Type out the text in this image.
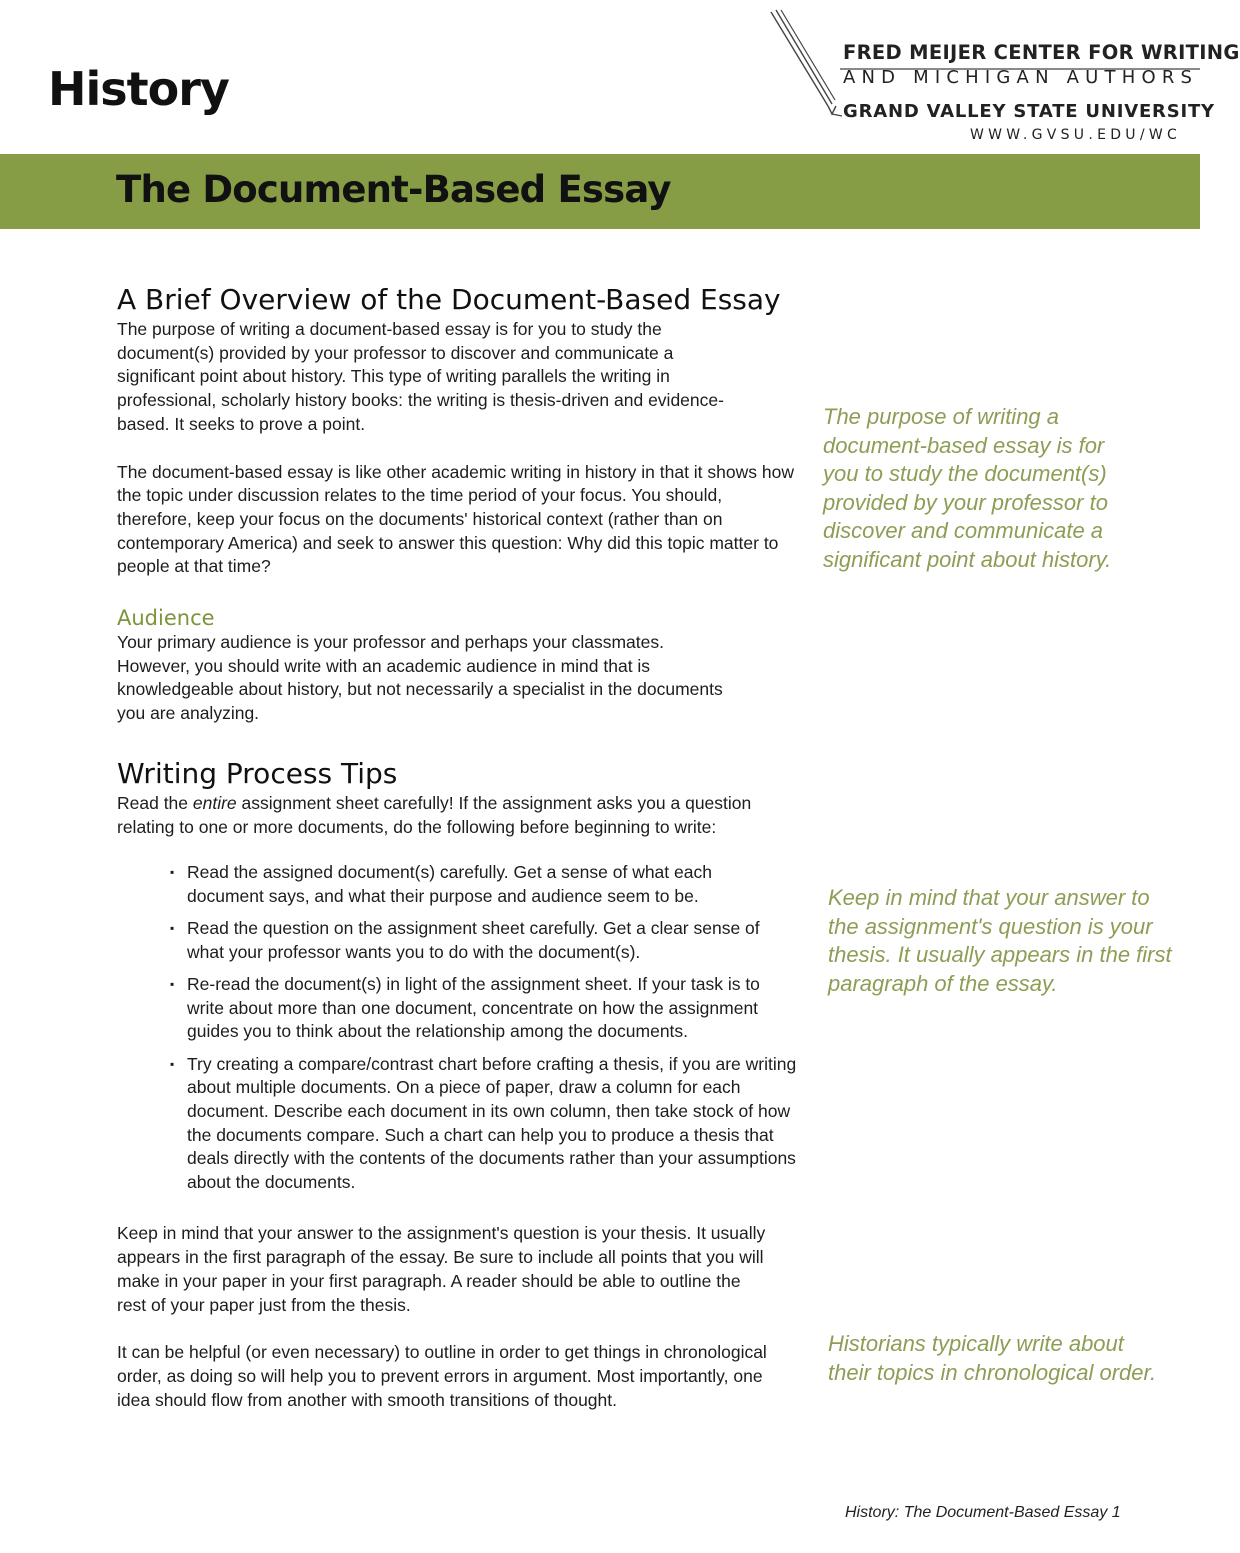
History
FRED MEIJER CENTER FOR WRITING
AND MICHIGAN AUTHORS
GRAND VALLEY STATE UNIVERSITY
WWW.GVSU.EDU/WC
The Document-Based Essay
A Brief Overview of the Document-Based Essay

The purpose of writing a document-based essay is for you to study the document(s) provided by your professor to discover and communicate a significant point about history. This type of writing parallels the writing in professional, scholarly history books: the writing is thesis-driven and evidence-based. It seeks to prove a point.

The document-based essay is like other academic writing in history in that it shows how the topic under discussion relates to the time period of your focus. You should, therefore, keep your focus on the documents' historical context (rather than on contemporary America) and seek to answer this question: Why did this topic matter to people at that time?

Audience

Your primary audience is your professor and perhaps your classmates. However, you should write with an academic audience in mind that is knowledgeable about history, but not necessarily a specialist in the documents you are analyzing.

Writing Process Tips

Read the entire assignment sheet carefully! If the assignment asks you a question relating to one or more documents, do the following before beginning to write:

▪ Read the assigned document(s) carefully. Get a sense of what each document says, and what their purpose and audience seem to be.
▪ Read the question on the assignment sheet carefully. Get a clear sense of what your professor wants you to do with the document(s).
▪ Re-read the document(s) in light of the assignment sheet. If your task is to write about more than one document, concentrate on how the assignment guides you to think about the relationship among the documents.
▪ Try creating a compare/contrast chart before crafting a thesis, if you are writing about multiple documents. On a piece of paper, draw a column for each document. Describe each document in its own column, then take stock of how the documents compare. Such a chart can help you to produce a thesis that deals directly with the contents of the documents rather than your assumptions about the documents.

Keep in mind that your answer to the assignment's question is your thesis. It usually appears in the first paragraph of the essay. Be sure to include all points that you will make in your paper in your first paragraph. A reader should be able to outline the rest of your paper just from the thesis.

It can be helpful (or even necessary) to outline in order to get things in chronological order, as doing so will help you to prevent errors in argument. Most importantly, one idea should flow from another with smooth transitions of thought.

The purpose of writing a document-based essay is for you to study the document(s) provided by your professor to discover and communicate a significant point about history.

Keep in mind that your answer to the assignment's question is your thesis. It usually appears in the first paragraph of the essay.

Historians typically write about their topics in chronological order.

History: The Document-Based Essay 1
